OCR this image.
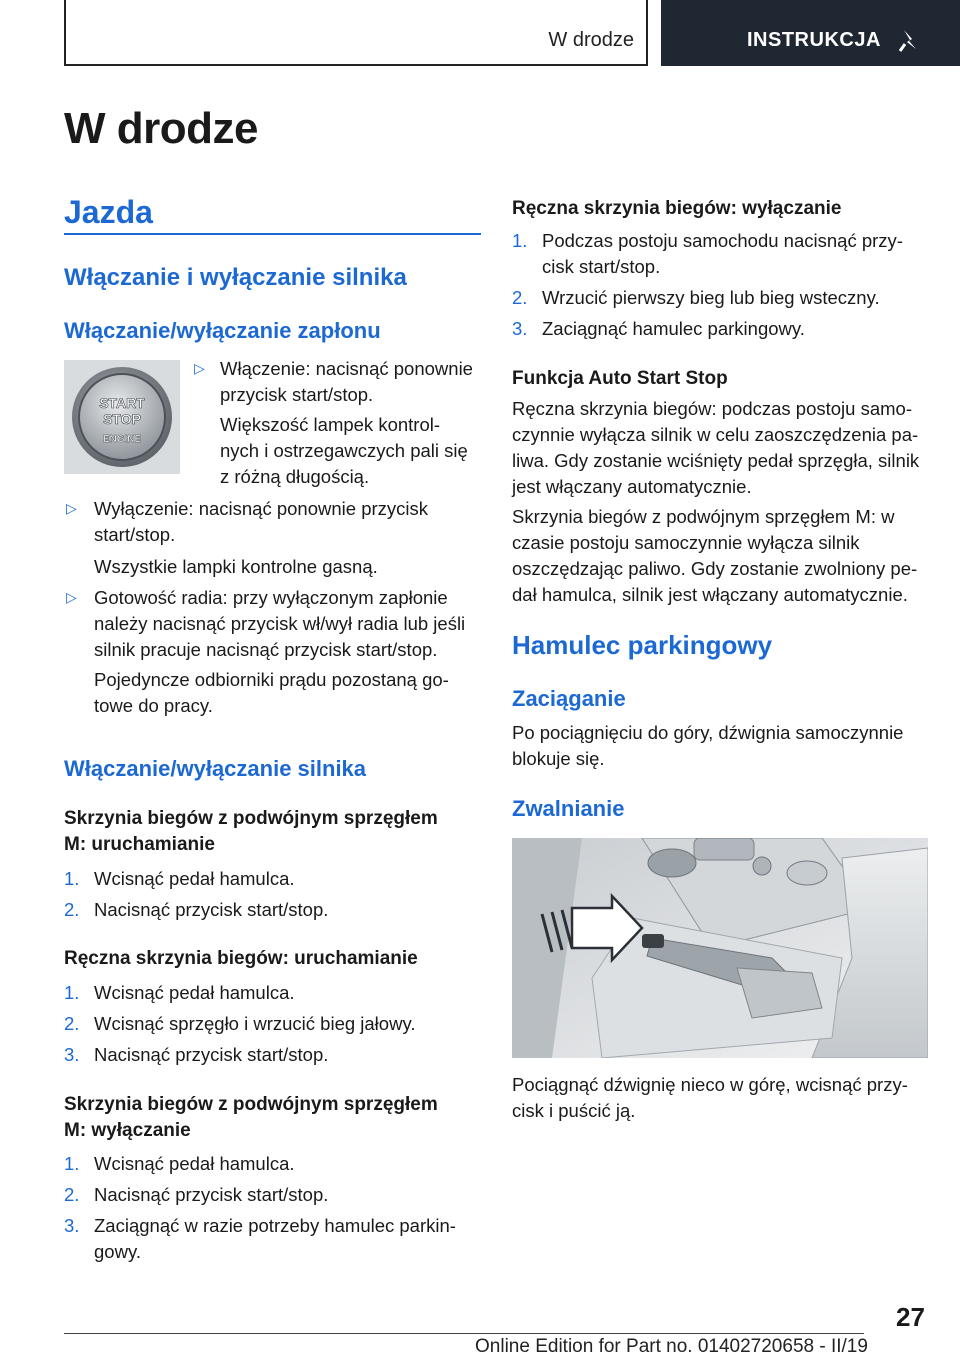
W drodze	INSTRUKCJA
W drodze
Jazda
Włączanie i wyłączanie silnika
Włączanie/wyłączanie zapłonu
START
STOP
ENGINE
▷ Włączenie: nacisnąć ponownie
przycisk start/stop.
Większość lampek kontrol-
nych i ostrzegawczych pali się
z różną długością.
▷ Wyłączenie: nacisnąć ponownie przycisk
start/stop.
Wszystkie lampki kontrolne gasną.
▷ Gotowość radia: przy wyłączonym zapłonie
należy nacisnąć przycisk wł/wył radia lub jeśli
silnik pracuje nacisnąć przycisk start/stop.
Pojedyncze odbiorniki prądu pozostaną go-
towe do pracy.
Włączanie/wyłączanie silnika
Skrzynia biegów z podwójnym sprzęgłem
M: uruchamianie
1. Wcisnąć pedał hamulca.
2. Nacisnąć przycisk start/stop.
Ręczna skrzynia biegów: uruchamianie
1. Wcisnąć pedał hamulca.
2. Wcisnąć sprzęgło i wrzucić bieg jałowy.
3. Nacisnąć przycisk start/stop.
Skrzynia biegów z podwójnym sprzęgłem
M: wyłączanie
1. Wcisnąć pedał hamulca.
2. Nacisnąć przycisk start/stop.
3. Zaciągnąć w razie potrzeby hamulec parkin-
gowy.
Ręczna skrzynia biegów: wyłączanie
1. Podczas postoju samochodu nacisnąć przy-
cisk start/stop.
2. Wrzucić pierwszy bieg lub bieg wsteczny.
3. Zaciągnąć hamulec parkingowy.
Funkcja Auto Start Stop
Ręczna skrzynia biegów: podczas postoju samo-
czynnie wyłącza silnik w celu zaoszczędzenia pa-
liwa. Gdy zostanie wciśnięty pedał sprzęgła, silnik
jest włączany automatycznie.
Skrzynia biegów z podwójnym sprzęgłem M: w
czasie postoju samoczynnie wyłącza silnik
oszczędzając paliwo. Gdy zostanie zwolniony pe-
dał hamulca, silnik jest włączany automatycznie.
Hamulec parkingowy
Zaciąganie
Po pociągnięciu do góry, dźwignia samoczynnie
blokuje się.
Zwalnianie
Pociągnąć dźwignię nieco w górę, wcisnąć przy-
cisk i puścić ją.
27
Online Edition for Part no. 01402720658 - II/19
